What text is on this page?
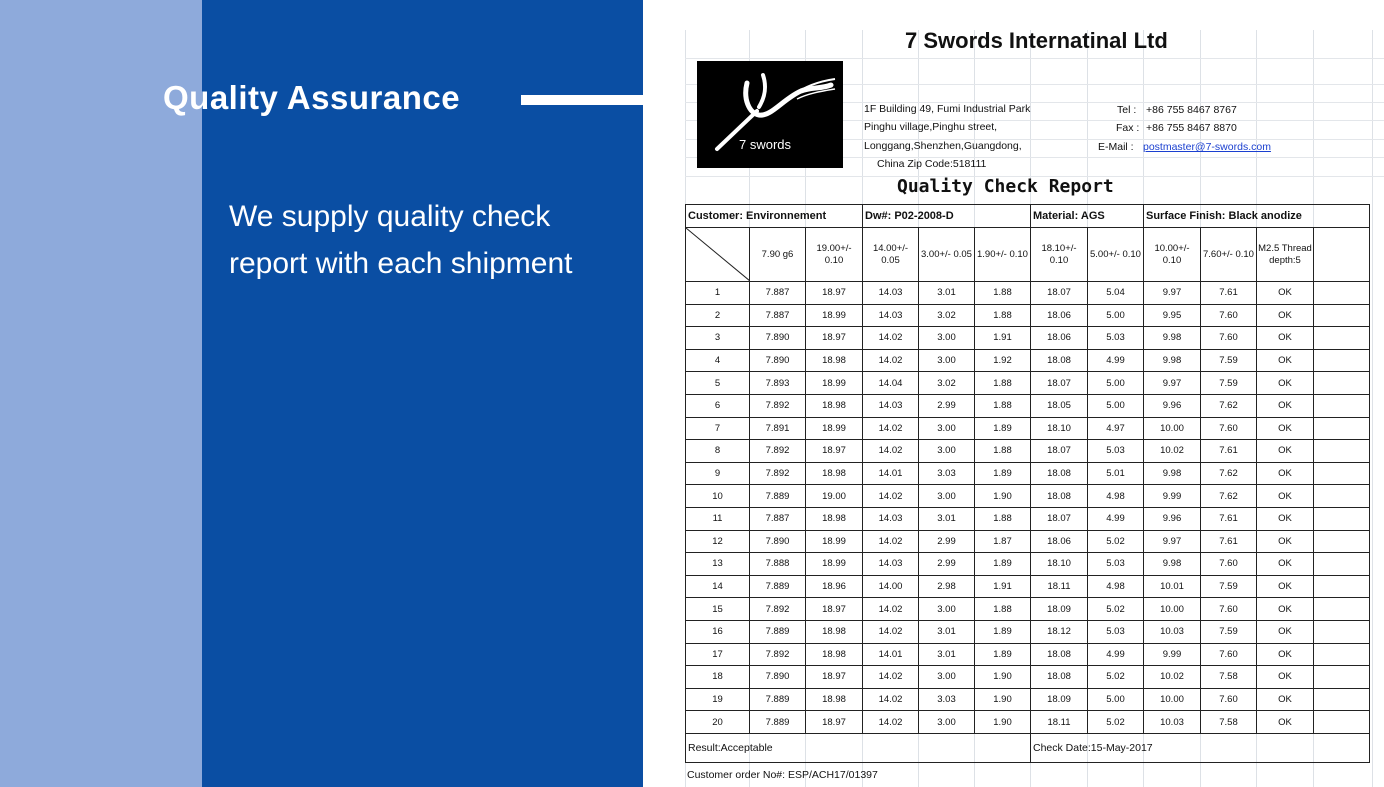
Quality Assurance
We supply quality check report with each shipment
7 Swords Internatinal Ltd
7 swords
1F Building 49, Fumi Industrial Park
Pinghu village,Pinghu street,
Longgang,Shenzhen,Guangdong,
China Zip Code:518111
Tel : +86 755 8467 8767
Fax : +86 755 8467 8870
E-Mail : postmaster@7-swords.com
Quality Check Report
Customer: Environnement			Dw#: P02-2008-D			Material: AGS		Surface Finish: Black anodize			

	7.90 g6	19.00+/- 0.10	14.00+/- 0.05	3.00+/- 0.05	1.90+/- 0.10	18.10+/- 0.10	5.00+/- 0.10	10.00+/- 0.10	7.60+/- 0.10	M2.5 Thread depth:5	
1	7.887	18.97	14.03	3.01	1.88	18.07	5.04	9.97	7.61	OK	
2	7.887	18.99	14.03	3.02	1.88	18.06	5.00	9.95	7.60	OK	
3	7.890	18.97	14.02	3.00	1.91	18.06	5.03	9.98	7.60	OK	
4	7.890	18.98	14.02	3.00	1.92	18.08	4.99	9.98	7.59	OK	
5	7.893	18.99	14.04	3.02	1.88	18.07	5.00	9.97	7.59	OK	
6	7.892	18.98	14.03	2.99	1.88	18.05	5.00	9.96	7.62	OK	
7	7.891	18.99	14.02	3.00	1.89	18.10	4.97	10.00	7.60	OK	
8	7.892	18.97	14.02	3.00	1.88	18.07	5.03	10.02	7.61	OK	
9	7.892	18.98	14.01	3.03	1.89	18.08	5.01	9.98	7.62	OK	
10	7.889	19.00	14.02	3.00	1.90	18.08	4.98	9.99	7.62	OK	
11	7.887	18.98	14.03	3.01	1.88	18.07	4.99	9.96	7.61	OK	
12	7.890	18.99	14.02	2.99	1.87	18.06	5.02	9.97	7.61	OK	
13	7.888	18.99	14.03	2.99	1.89	18.10	5.03	9.98	7.60	OK	
14	7.889	18.96	14.00	2.98	1.91	18.11	4.98	10.01	7.59	OK	
15	7.892	18.97	14.02	3.00	1.88	18.09	5.02	10.00	7.60	OK	
16	7.889	18.98	14.02	3.01	1.89	18.12	5.03	10.03	7.59	OK	
17	7.892	18.98	14.01	3.01	1.89	18.08	4.99	9.99	7.60	OK	
18	7.890	18.97	14.02	3.00	1.90	18.08	5.02	10.02	7.58	OK	
19	7.889	18.98	14.02	3.03	1.90	18.09	5.00	10.00	7.60	OK	
20	7.889	18.97	14.02	3.00	1.90	18.11	5.02	10.03	7.58	OK	
Result:Acceptable						Check Date:15-May-2017					
Customer order No#: ESP/ACH17/01397
